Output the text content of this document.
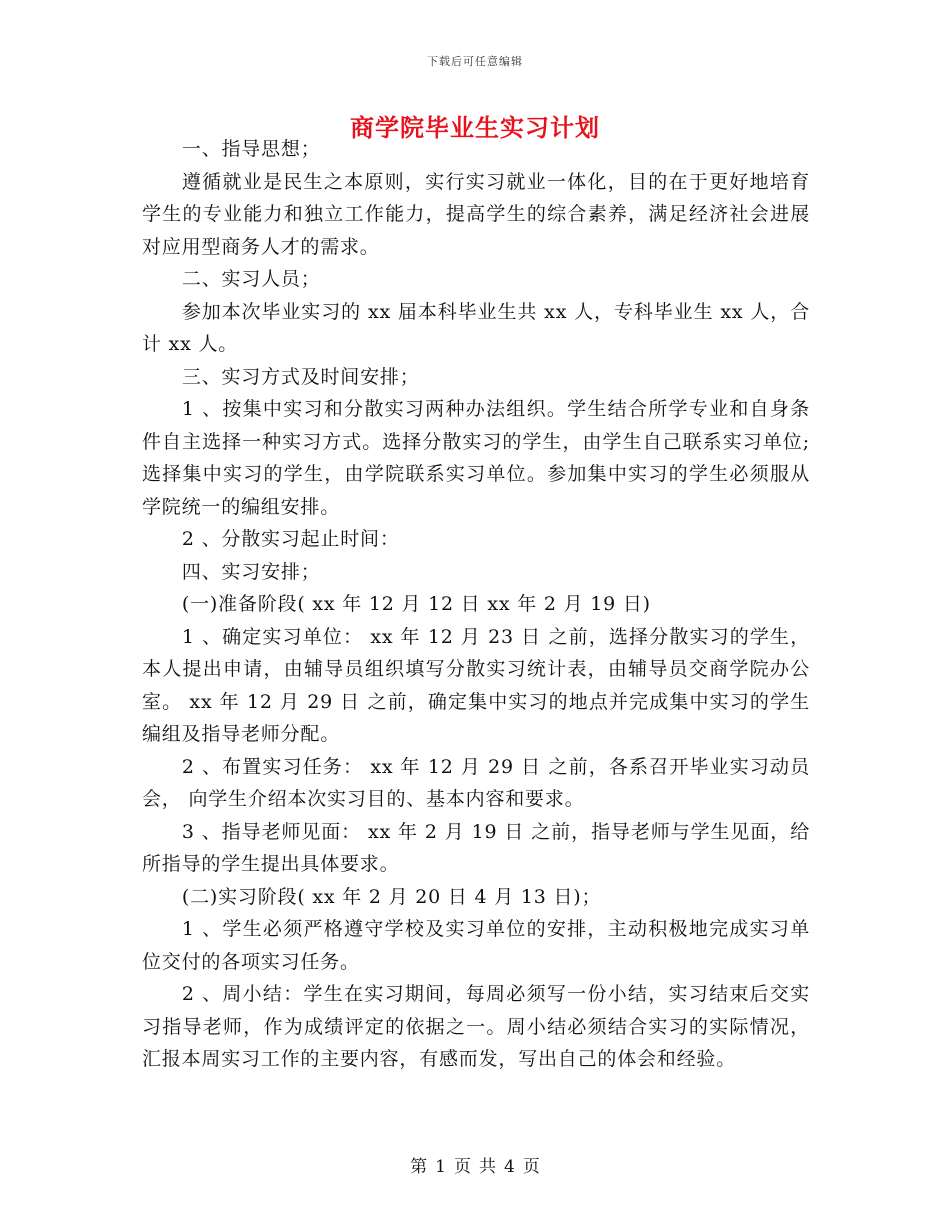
下载后可任意编辑
商学院毕业生实习计划

一、指导思想；

遵循就业是民生之本原则，实行实习就业一体化，目的在于更好地培育学生的专业能力和独立工作能力，提高学生的综合素养，满足经济社会进展对应用型商务人才的需求。

二、实习人员；

参加本次毕业实习的 xx 届本科毕业生共 xx 人，专科毕业生 xx 人，合计 xx 人。

三、实习方式及时间安排；

1 、按集中实习和分散实习两种办法组织。学生结合所学专业和自身条件自主选择一种实习方式。选择分散实习的学生，由学生自己联系实习单位;选择集中实习的学生，由学院联系实习单位。参加集中实习的学生必须服从学院统一的编组安排。

2 、分散实习起止时间：

四、实习安排；

(一)准备阶段( xx 年 12 月 12 日 xx 年 2 月 19 日)

1 、确定实习单位： xx 年 12 月 23 日 之前，选择分散实习的学生，本人提出申请，由辅导员组织填写分散实习统计表，由辅导员交商学院办公室。 xx 年 12 月 29 日 之前，确定集中实习的地点并完成集中实习的学生编组及指导老师分配。

2 、布置实习任务： xx 年 12 月 29 日 之前，各系召开毕业实习动员会， 向学生介绍本次实习目的、基本内容和要求。

3 、指导老师见面： xx 年 2 月 19 日 之前，指导老师与学生见面，给所指导的学生提出具体要求。

(二)实习阶段( xx 年 2 月 20 日 4 月 13 日)；

1 、学生必须严格遵守学校及实习单位的安排，主动积极地完成实习单位交付的各项实习任务。

2 、周小结：学生在实习期间，每周必须写一份小结，实习结束后交实习指导老师，作为成绩评定的依据之一。周小结必须结合实习的实际情况，汇报本周实习工作的主要内容，有感而发，写出自己的体会和经验。

第 1 页 共 4 页
